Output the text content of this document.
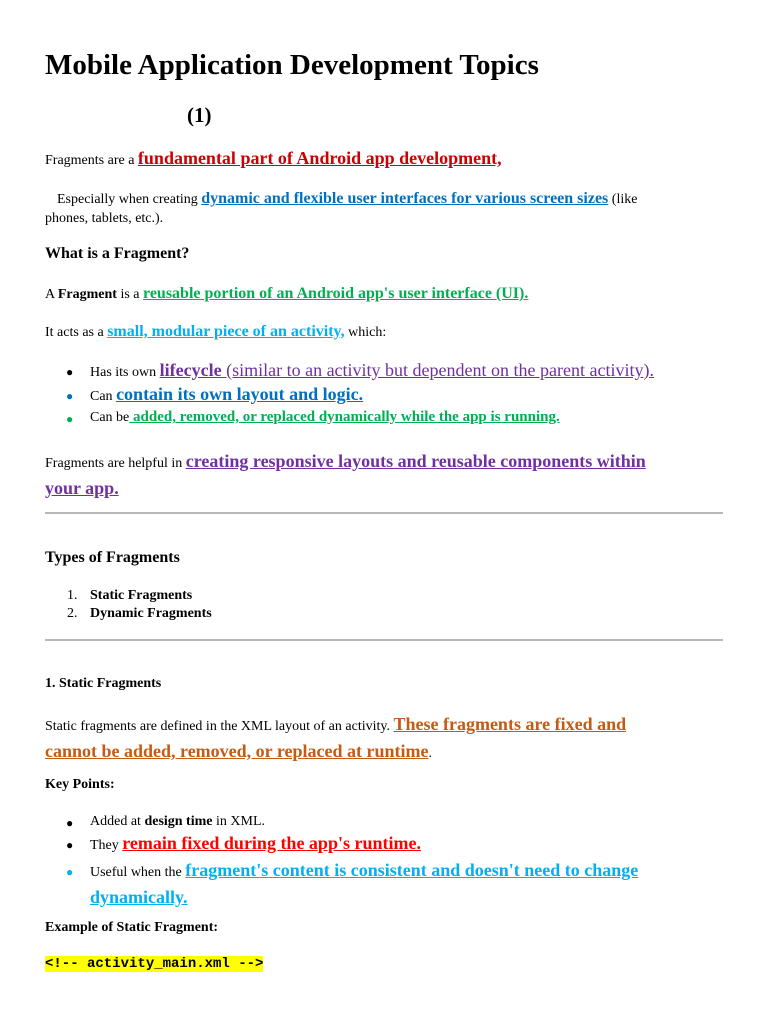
Mobile Application Development Topics
(1)

Fragments are a fundamental part of Android app development,

Especially when creating dynamic and flexible user interfaces for various screen sizes (like
phones, tablets, etc.).

What is a Fragment?

A Fragment is a reusable portion of an Android app's user interface (UI).

It acts as a small, modular piece of an activity, which:

● Has its own lifecycle (similar to an activity but dependent on the parent activity).
● Can contain its own layout and logic.
● Can be added, removed, or replaced dynamically while the app is running.

Fragments are helpful in creating responsive layouts and reusable components within
your app.

Types of Fragments
1. Static Fragments
2. Dynamic Fragments
1. Static Fragments

Static fragments are defined in the XML layout of an activity. These fragments are fixed and
cannot be added, removed, or replaced at runtime.

Key Points:
● Added at design time in XML.
● They remain fixed during the app's runtime.
● Useful when the fragment's content is consistent and doesn't need to change
dynamically.
Example of Static Fragment:
<!-- activity_main.xml -->
